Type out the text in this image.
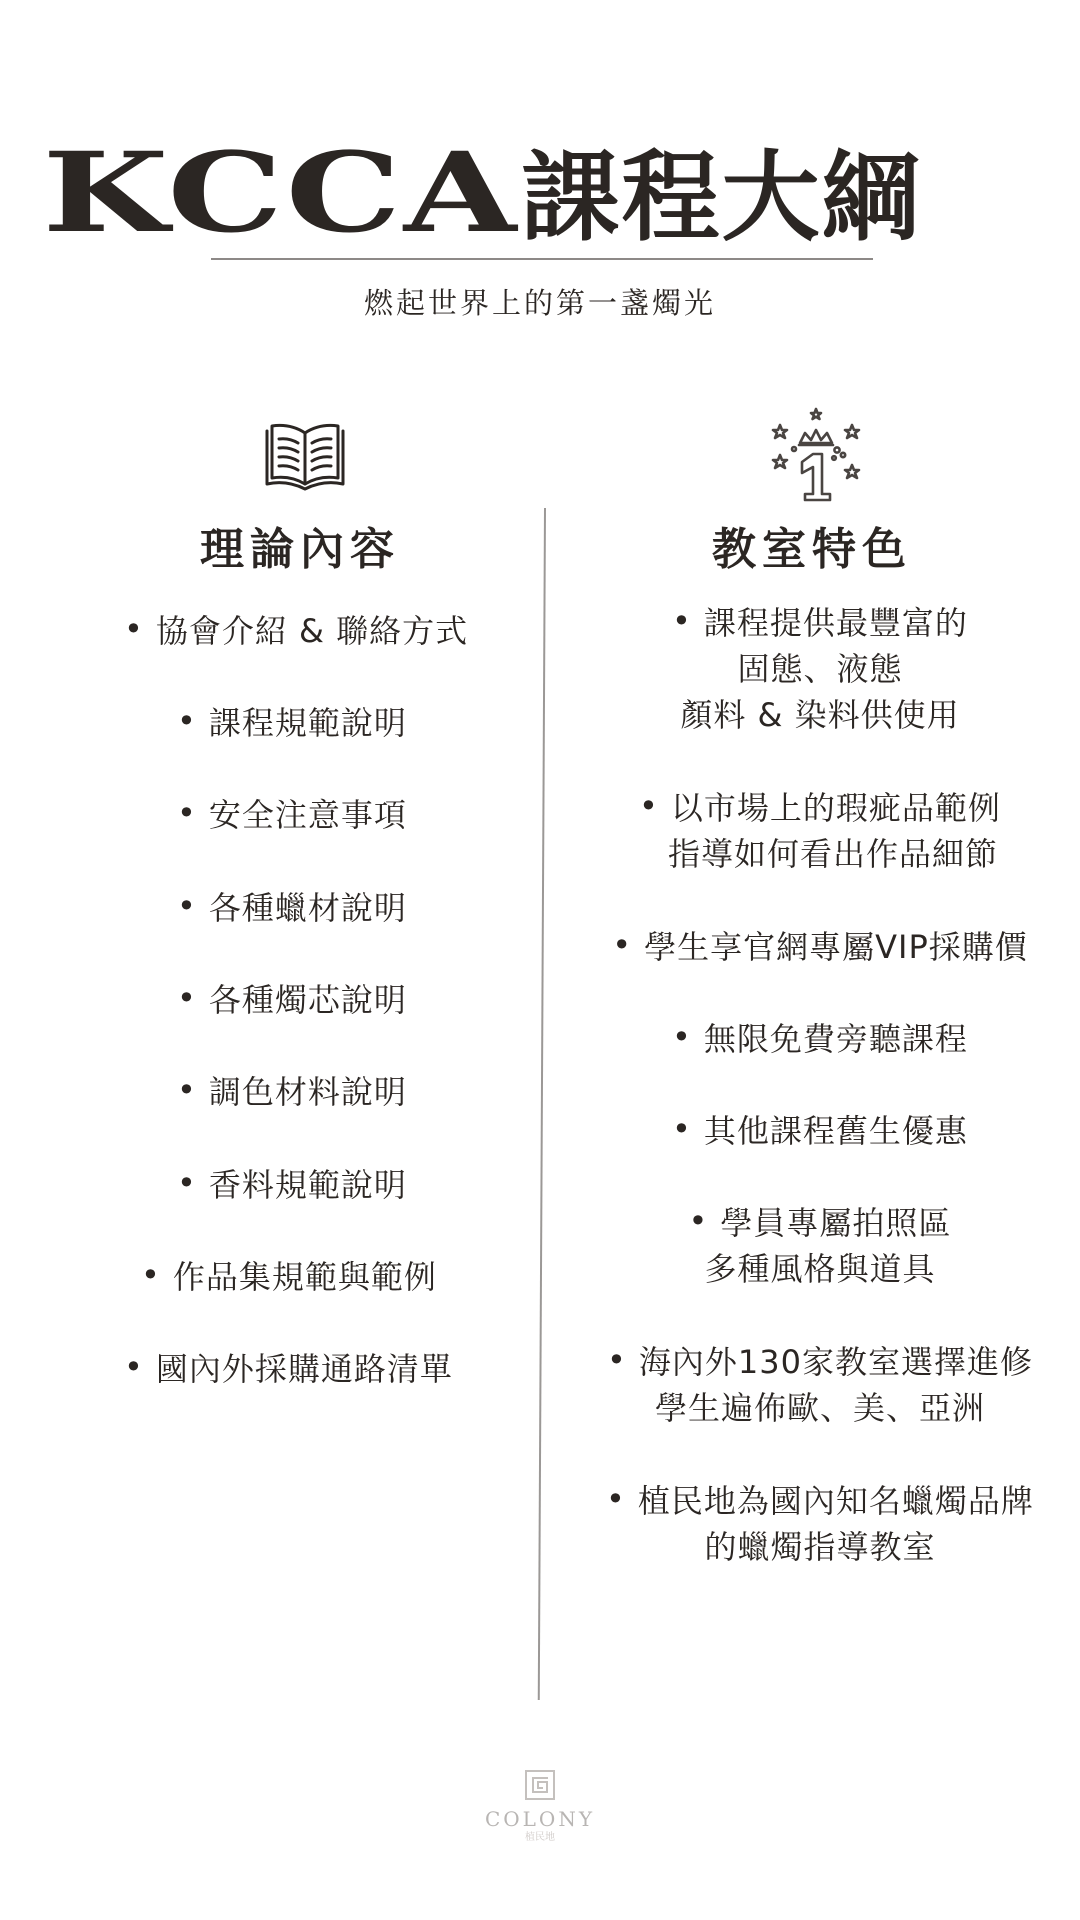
KCCA課程大綱
燃起世界上的第一盞燭光
理論內容	教室特色
• 協會介紹 & 聯絡方式
• 課程規範說明
• 安全注意事項
• 各種蠟材說明
• 各種燭芯說明
• 調色材料說明
• 香料規範說明
• 作品集規範與範例
• 國內外採購通路清單
• 課程提供最豐富的
固態、液態
顏料 & 染料供使用
• 以市場上的瑕疵品範例
指導如何看出作品細節
• 學生享官網專屬VIP採購價
• 無限免費旁聽課程
• 其他課程舊生優惠
• 學員專屬拍照區
多種風格與道具
• 海內外130家教室選擇進修
學生遍佈歐、美、亞洲
• 植民地為國內知名蠟燭品牌
的蠟燭指導教室
COLONY
植民地
